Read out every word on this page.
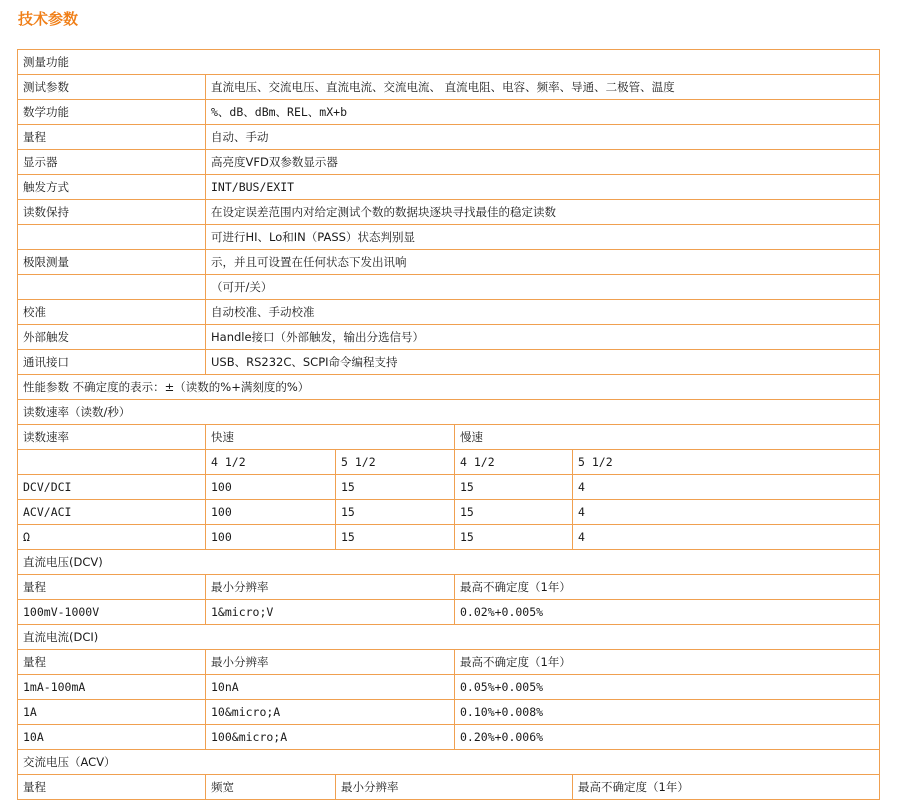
技术参数
测量功能				
测试参数	直流电压、交流电压、直流电流、交流电流、 直流电阻、电容、频率、导通、二极管、温度			
数学功能	%、dB、dBm、REL、mX+b			
量程	自动、手动			
显示器	高亮度VFD双参数显示器			
触发方式	INT/BUS/EXIT			
读数保持	在设定误差范围内对给定测试个数的数据块逐块寻找最佳的稳定读数			
	可进行HI、Lo和IN（PASS）状态判别显			
极限测量	示，并且可设置在任何状态下发出讯响			
	（可开/关）			
校准	自动校准、手动校准			
外部触发	Handle接口（外部触发，输出分选信号）			
通讯接口	USB、RS232C、SCPI命令编程支持			
性能参数 不确定度的表示：±（读数的%+满刻度的%）				
读数速率（读数/秒）				
读数速率	快速		慢速	
	4 1/2	5 1/2	4 1/2	5 1/2
DCV/DCI	100	15	15	4
ACV/ACI	100	15	15	4
Ω	100	15	15	4
直流电压(DCV)				
量程	最小分辨率		最高不确定度（1年）	
100mV-1000V	1&micro;V		0.02%+0.005%	
直流电流(DCI)				
量程	最小分辨率		最高不确定度（1年）	
1mA-100mA	10nA		0.05%+0.005%	
1A	10&micro;A		0.10%+0.008%	
10A	100&micro;A		0.20%+0.006%	
交流电压（ACV）				
量程	频宽	最小分辨率		最高不确定度（1年）
